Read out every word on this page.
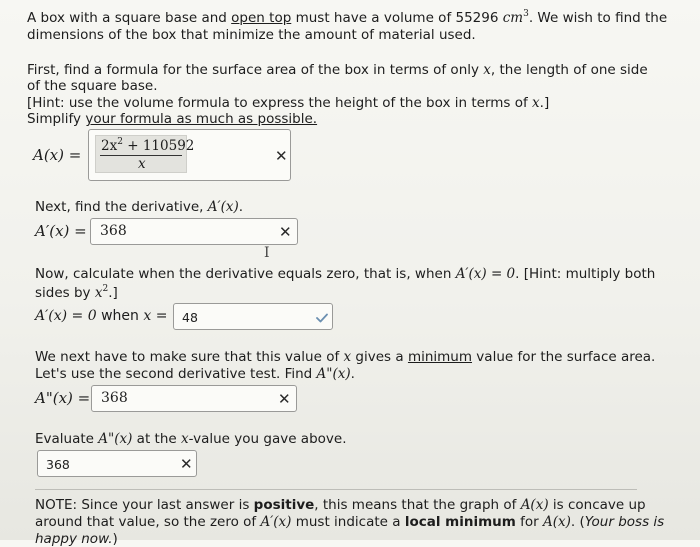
A box with a square base and open top must have a volume of 55296 $cm^3$. We wish to find the

dimensions of the box that minimize the amount of material used.

First, find a formula for the surface area of the box in terms of only x, the length of one side

of the square base.

[Hint: use the volume formula to express the height of the box in terms of x.]

Simplify your formula as much as possible.

$A(x) = 2x^2 + 110592$
x	✕

Next, find the derivative, A′(x).

A′(x) = 368	✕
I

Now, calculate when the derivative equals zero, that is, when A′(x) = 0. [Hint: multiply both

sides by $x^2$.]

A′(x) = 0 when x = 48

We next have to make sure that this value of x gives a minimum value for the surface area.

Let's use the second derivative test. Find A"(x).

A"(x) = 368	✕

Evaluate A"(x) at the x-value you gave above.

368	✕

NOTE: Since your last answer is positive, this means that the graph of A(x) is concave up

around that value, so the zero of A′(x) must indicate a local minimum for A(x). (Your boss is

happy now.)
